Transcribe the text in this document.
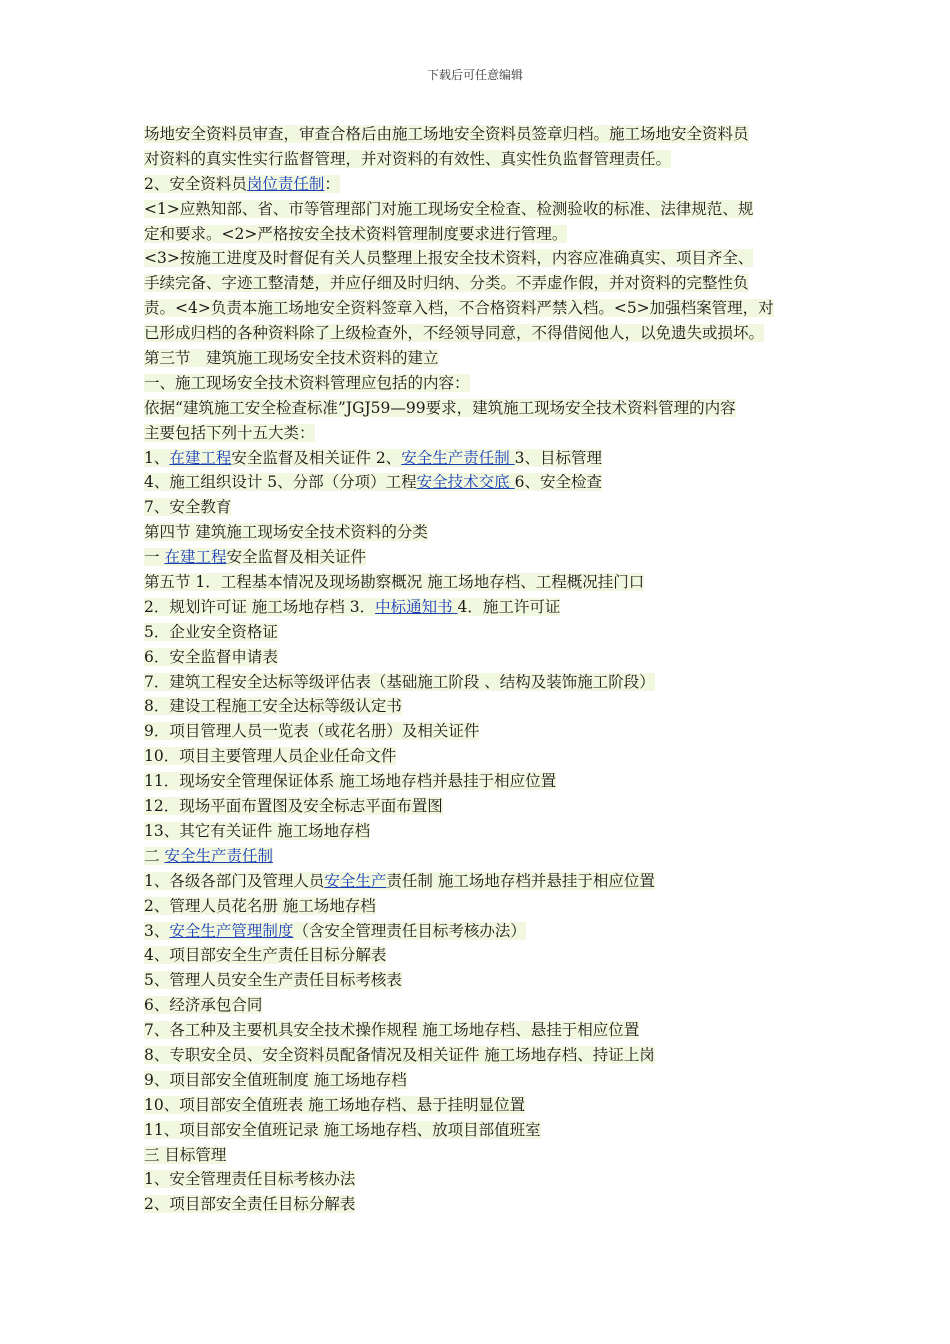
下载后可任意编辑
场地安全资料员审查，审查合格后由施工场地安全资料员签章归档。施工场地安全资料员
对资料的真实性实行监督管理，并对资料的有效性、真实性负监督管理责任。
2、安全资料员岗位责任制：
<1>应熟知部、省、市等管理部门对施工现场安全检查、检测验收的标准、法律规范、规
定和要求。<2>严格按安全技术资料管理制度要求进行管理。
<3>按施工进度及时督促有关人员整理上报安全技术资料，内容应准确真实、项目齐全、
手续完备、字迹工整清楚，并应仔细及时归纳、分类。不弄虚作假，并对资料的完整性负
责。<4>负责本施工场地安全资料签章入档，不合格资料严禁入档。<5>加强档案管理，对
已形成归档的各种资料除了上级检查外，不经领导同意，不得借阅他人，以免遗失或损坏。
第三节　建筑施工现场安全技术资料的建立
一、施工现场安全技术资料管理应包括的内容：
依据“建筑施工安全检查标准”JGJ59—99要求，建筑施工现场安全技术资料管理的内容
主要包括下列十五大类：
1、在建工程安全监督及相关证件 2、安全生产责任制 3、目标管理
4、施工组织设计 5、分部（分项）工程安全技术交底 6、安全检查
7、安全教育
第四节 建筑施工现场安全技术资料的分类
一 在建工程安全监督及相关证件
第五节 1．工程基本情况及现场勘察概况 施工场地存档、工程概况挂门口
2．规划许可证 施工场地存档 3．中标通知书 4．施工许可证
5．企业安全资格证
6．安全监督申请表
7．建筑工程安全达标等级评估表（基础施工阶段 、结构及装饰施工阶段）
8．建设工程施工安全达标等级认定书
9．项目管理人员一览表（或花名册）及相关证件
10．项目主要管理人员企业任命文件
11．现场安全管理保证体系 施工场地存档并悬挂于相应位置
12．现场平面布置图及安全标志平面布置图
13、其它有关证件 施工场地存档
二 安全生产责任制
1、各级各部门及管理人员安全生产责任制 施工场地存档并悬挂于相应位置
2、管理人员花名册 施工场地存档
3、安全生产管理制度（含安全管理责任目标考核办法）
4、项目部安全生产责任目标分解表
5、管理人员安全生产责任目标考核表
6、经济承包合同
7、各工种及主要机具安全技术操作规程 施工场地存档、悬挂于相应位置
8、专职安全员、安全资料员配备情况及相关证件 施工场地存档、持证上岗
9、项目部安全值班制度 施工场地存档
10、项目部安全值班表 施工场地存档、悬于挂明显位置
11、项目部安全值班记录 施工场地存档、放项目部值班室
三 目标管理
1、安全管理责任目标考核办法
2、项目部安全责任目标分解表
